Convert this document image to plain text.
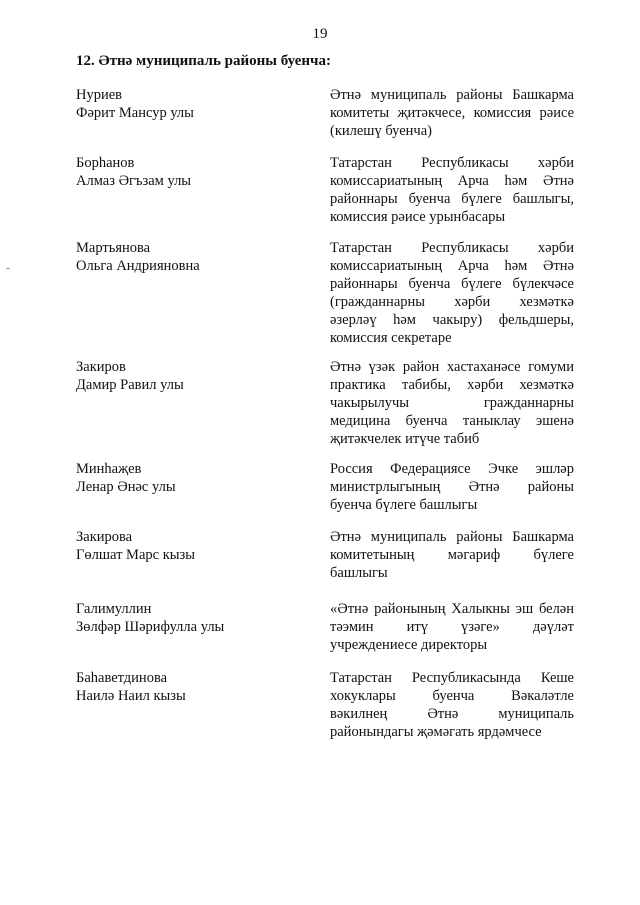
19
12. Әтнә муниципаль районы буенча:
Нуриев
Фәрит Мансур улы
Әтнә муниципаль районы Башкарма
комитеты җитәкчесе, комиссия рәисе
(килешү буенча)
Борһанов
Алмаз Әгъзам улы
Татарстан Республикасы хәрби
комиссариатының Арча һәм Әтнә
районнары буенча бүлеге башлыгы,
комиссия рәисе урынбасары
Мартьянова
Ольга Андрияновна
Татарстан Республикасы хәрби
комиссариатының Арча һәм Әтнә
районнары буенча бүлеге бүлекчәсе
(гражданнарны хәрби хезмәткә
әзерләү һәм чакыру) фельдшеры,
комиссия секретаре
Закиров
Дамир Равил улы
Әтнә үзәк район хастаханәсе гомуми
практика табибы, хәрби хезмәткә
чакырылучы гражданнарны
медицина буенча таныклау эшенә
җитәкчелек итүче табиб
Минһаҗев
Ленар Әнәс улы
Россия Федерациясе Эчке эшләр
министрлыгының Әтнә районы
буенча бүлеге башлыгы
Закирова
Гөлшат Марс кызы
Әтнә муниципаль районы Башкарма
комитетының мәгариф бүлеге
башлыгы
Галимуллин
Зөлфәр Шәрифулла улы
«Әтнә районының Халыкны эш белән
тәэмин итү үзәге» дәүләт
учреждениесе директоры
Баһаветдинова
Наилә Наил кызы
Татарстан Республикасында Кеше
хокуклары буенча Вәкаләтле
вәкилнең Әтнә муниципаль
районындагы җәмәгать ярдәмчесе
